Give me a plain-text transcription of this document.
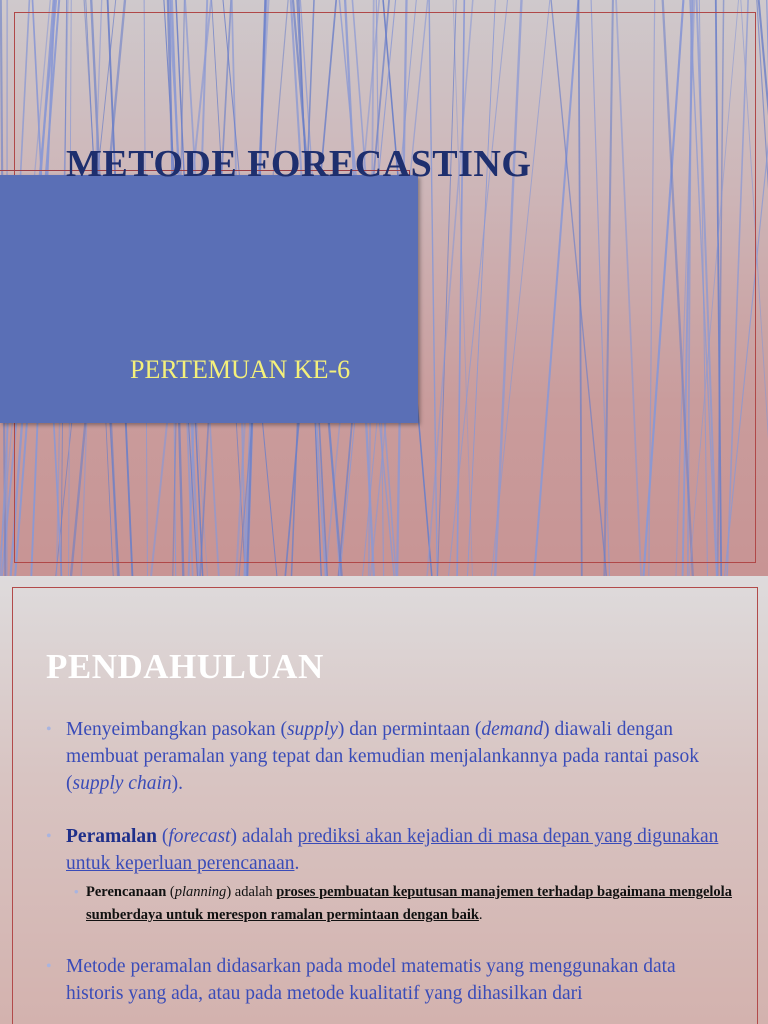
METODE FORECASTING

PERTEMUAN KE-6

PENDAHULUAN
• Menyeimbangkan pasokan (supply) dan permintaan (demand) diawali dengan membuat peramalan yang tepat dan kemudian menjalankannya pada rantai pasok (supply chain).
• Peramalan (forecast) adalah prediksi akan kejadian di masa depan yang digunakan untuk keperluan perencanaan.
• Perencanaan (planning) adalah proses pembuatan keputusan manajemen terhadap bagaimana mengelola sumberdaya untuk merespon ramalan permintaan dengan baik.
• Metode peramalan didasarkan pada model matematis yang menggunakan data historis yang ada, atau pada metode kualitatif yang dihasilkan dari
